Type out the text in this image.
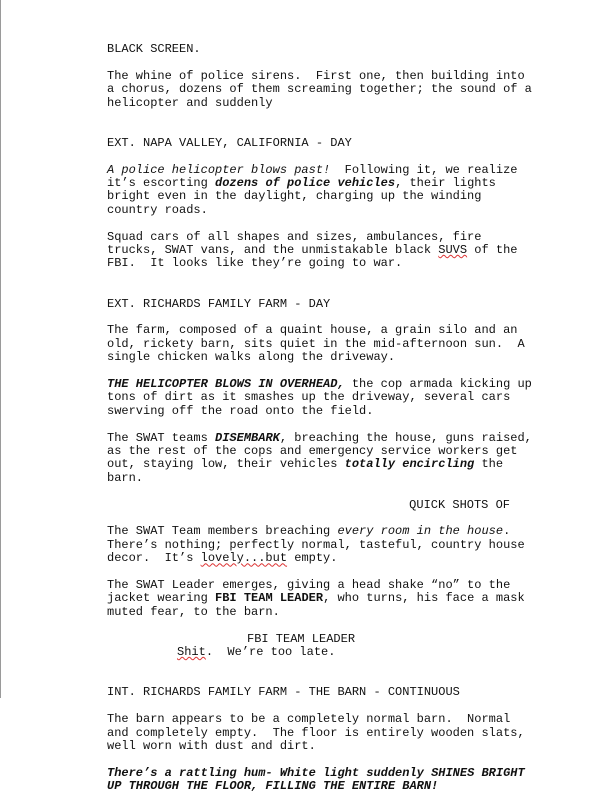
BLACK SCREEN.

The whine of police sirens.  First one, then building into a chorus, dozens of them screaming together; the sound of a helicopter and suddenly

EXT. NAPA VALLEY, CALIFORNIA - DAY

A police helicopter blows past!  Following it, we realize it’s escorting dozens of police vehicles, their lights bright even in the daylight, charging up the winding country roads.

Squad cars of all shapes and sizes, ambulances, fire trucks, SWAT vans, and the unmistakable black SUVS of the FBI.  It looks like they’re going to war.

EXT. RICHARDS FAMILY FARM - DAY

The farm, composed of a quaint house, a grain silo and an old, rickety barn, sits quiet in the mid-afternoon sun.  A single chicken walks along the driveway.

THE HELICOPTER BLOWS IN OVERHEAD, the cop armada kicking up tons of dirt as it smashes up the driveway, several cars swerving off the road onto the field.

The SWAT teams DISEMBARK, breaching the house, guns raised, as the rest of the cops and emergency service workers get out, staying low, their vehicles totally encircling the barn.

QUICK SHOTS OF

The SWAT Team members breaching every room in the house. There’s nothing; perfectly normal, tasteful, country house decor.  It’s lovely...but empty.

The SWAT Leader emerges, giving a head shake “no” to the jacket wearing FBI TEAM LEADER, who turns, his face a mask muted fear, to the barn.

FBI TEAM LEADER

Shit.  We’re too late.

INT. RICHARDS FAMILY FARM - THE BARN - CONTINUOUS

The barn appears to be a completely normal barn.  Normal and completely empty.  The floor is entirely wooden slats, well worn with dust and dirt.

There’s a rattling hum- White light suddenly SHINES BRIGHT UP THROUGH THE FLOOR, FILLING THE ENTIRE BARN!
